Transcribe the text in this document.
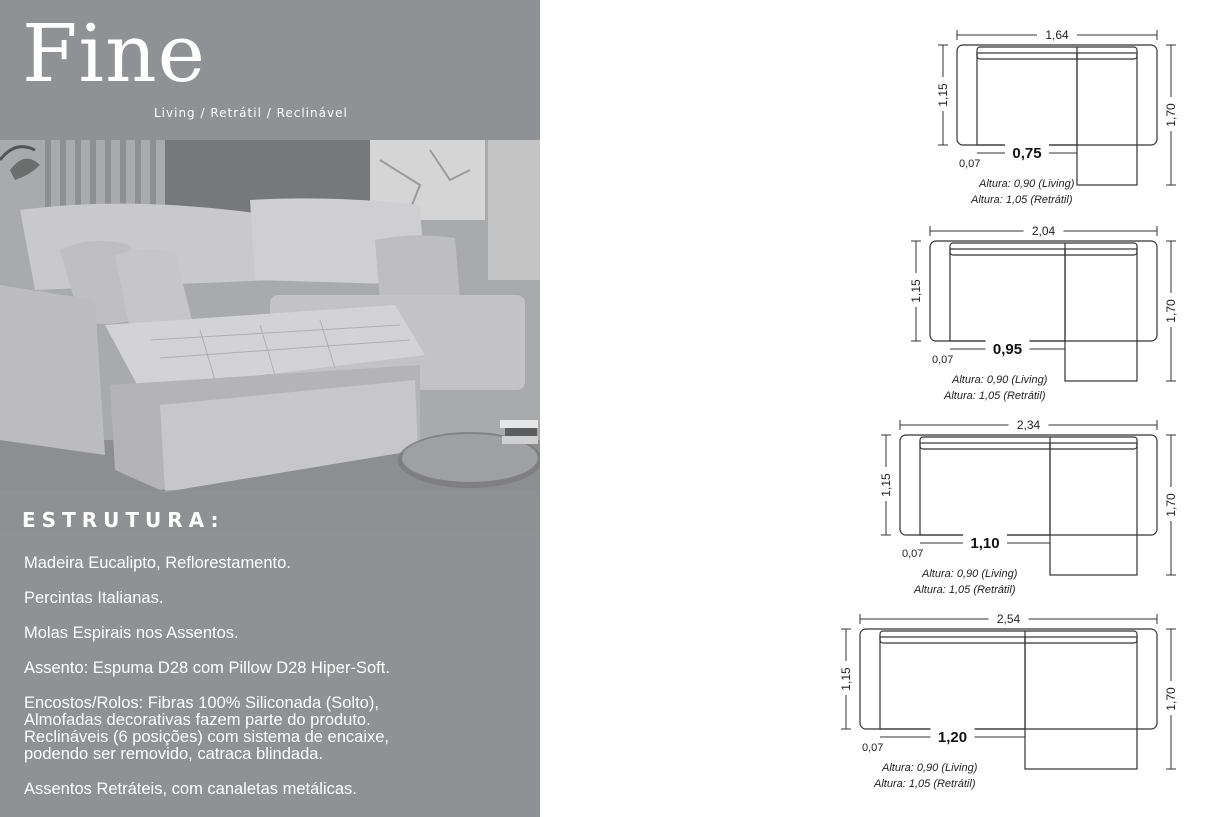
Fine
Living / Retrátil / Reclinável
ESTRUTURA:
Madeira Eucalipto, Reflorestamento.
Percintas Italianas.
Molas Espirais nos Assentos.
Assento: Espuma D28 com Pillow D28 Hiper-Soft.
Encostos/Rolos: Fibras 100% Siliconada (Solto),
Almofadas decorativas fazem parte do produto.
Reclináveis (6 posições) com sistema de encaixe,
podendo ser removido, catraca blindada.
Assentos Retráteis, com canaletas metálicas.
1,64
1,15
1,70
0,07
0,75
Altura: 0,90 (Living)
Altura: 1,05 (Retrátil)
2,04
1,15
1,70
0,07
0,95
Altura: 0,90 (Living)
Altura: 1,05 (Retrátil)
2,34
1,15
1,70
0,07
1,10
Altura: 0,90 (Living)
Altura: 1,05 (Retrátil)
2,54
1,15
1,70
0,07
1,20
Altura: 0,90 (Living)
Altura: 1,05 (Retrátil)
